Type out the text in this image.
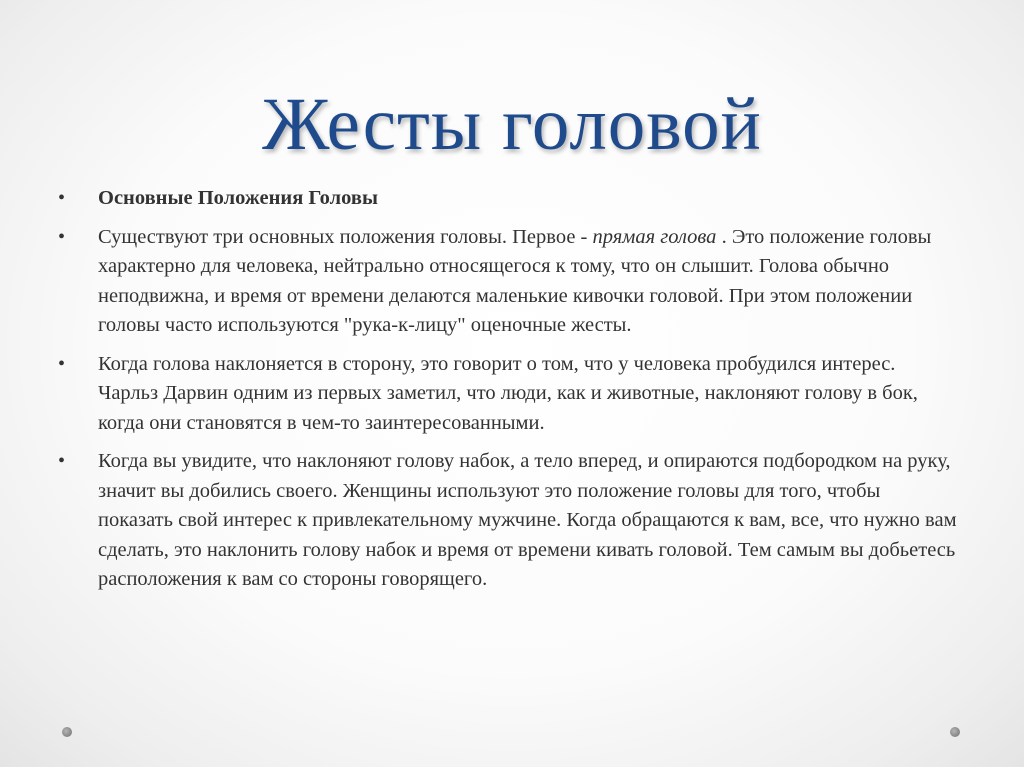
Жесты головой
•	Основные Положения Головы
•	Существуют три основных положения головы. Первое - прямая голова . Это положение головы характерно для человека, нейтрально относящегося к тому, что он слышит. Голова обычно неподвижна, и время от времени делаются маленькие кивочки головой. При этом положении головы часто используются "рука-к-лицу" оценочные жесты.
•	Когда голова наклоняется в сторону, это говорит о том, что у человека пробудился интерес. Чарльз Дарвин одним из первых заметил, что люди, как и животные, наклоняют голову в бок, когда они становятся в чем-то заинтересованными.
•	Когда вы увидите, что наклоняют голову набок, а тело вперед, и опираются подбородком на руку, значит вы добились своего. Женщины используют это положение головы для того, чтобы показать свой интерес к привлекательному мужчине. Когда обращаются к вам, все, что нужно вам сделать, это наклонить голову набок и время от времени кивать головой. Тем самым вы добьетесь расположения к вам со стороны говорящего.
